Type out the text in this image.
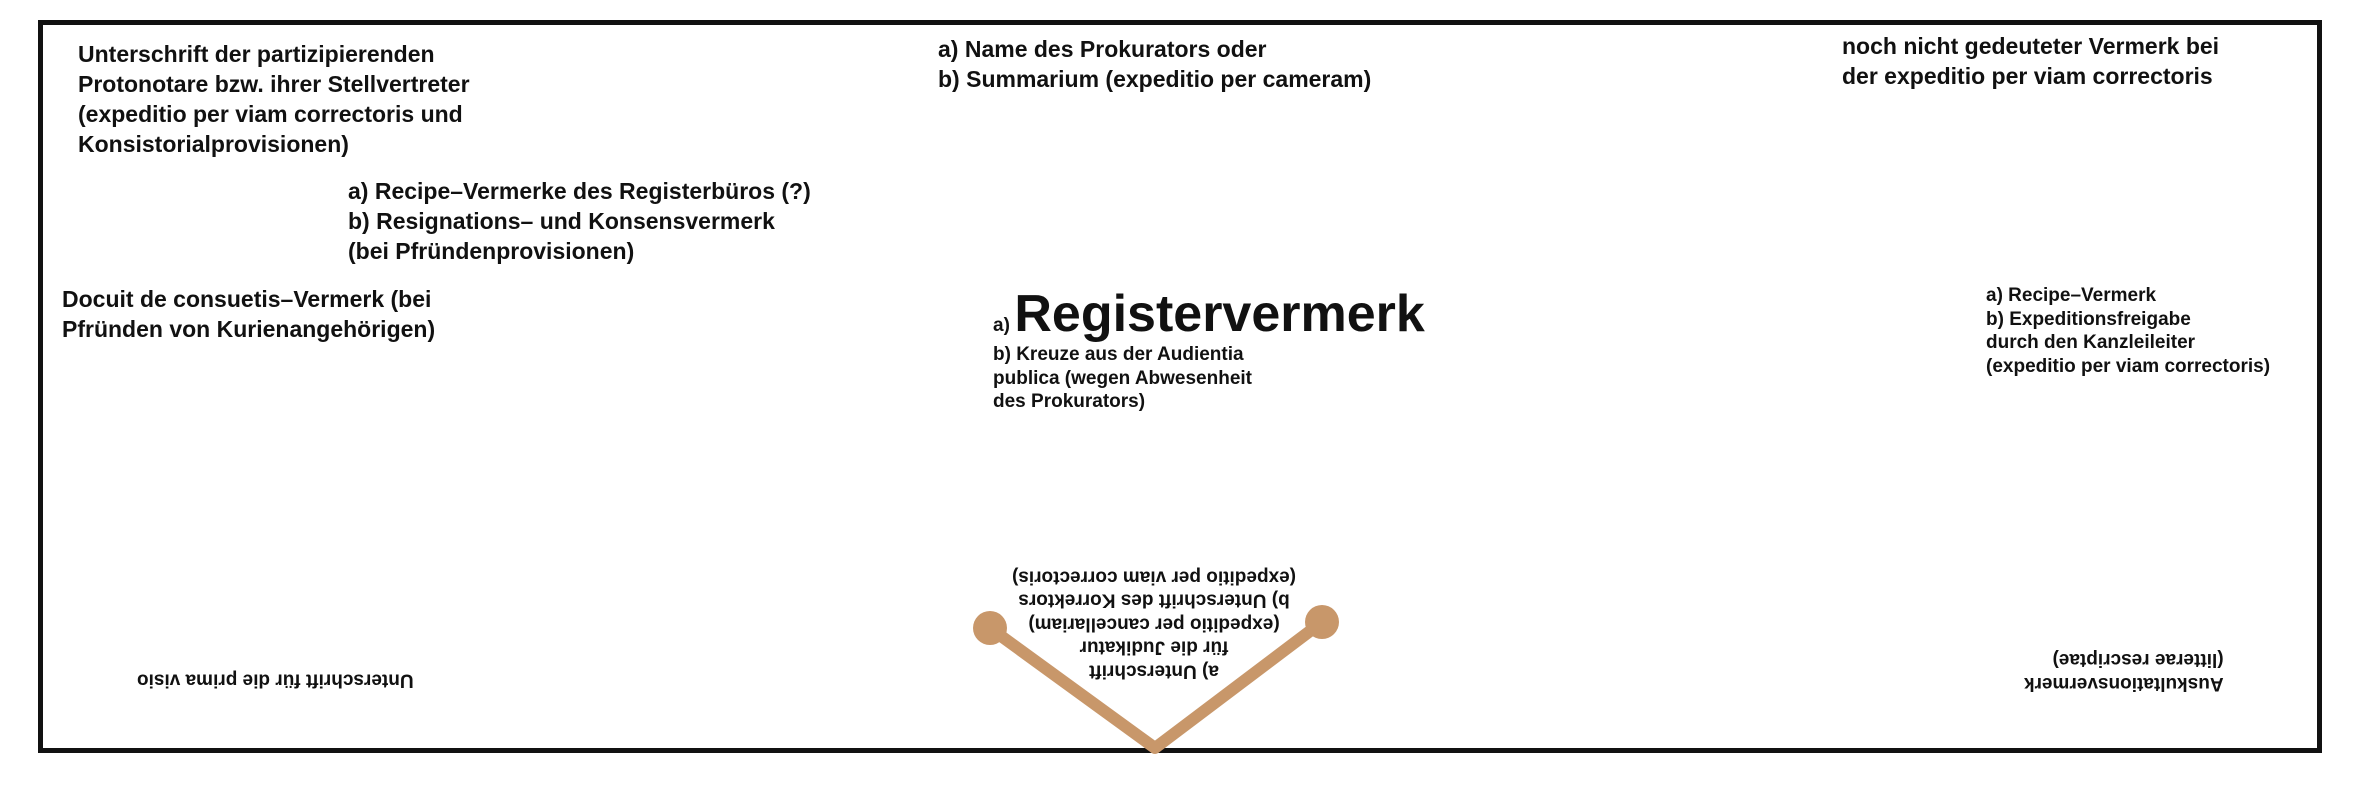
Unterschrift der partizipierenden
Protonotare bzw. ihrer Stellvertreter
(expeditio per viam correctoris und
Konsistorialprovisionen)
a) Name des Prokurators oder
b) Summarium (expeditio per cameram)
noch nicht gedeuteter Vermerk bei
der expeditio per viam correctoris
a) Recipe–Vermerke des Registerbüros (?)
b) Resignations– und Konsensvermerk
(bei Pfründenprovisionen)
Docuit de consuetis–Vermerk (bei
Pfründen von Kurienangehörigen)	a) Registervermerk
b) Kreuze aus der Audientia
publica (wegen Abwesenheit
des Prokurators)
a) Recipe–Vermerk
b) Expeditionsfreigabe
durch den Kanzleileiter
(expeditio per viam correctoris)
Unterschrift für die prima visio	a) Unterschrift
für die Judikatur
(expeditio per cancellariam)
b) Unterschrift des Korrektors
(expeditio per viam correctoris)
Auskultationsvermerk
(litterae rescriptae)
